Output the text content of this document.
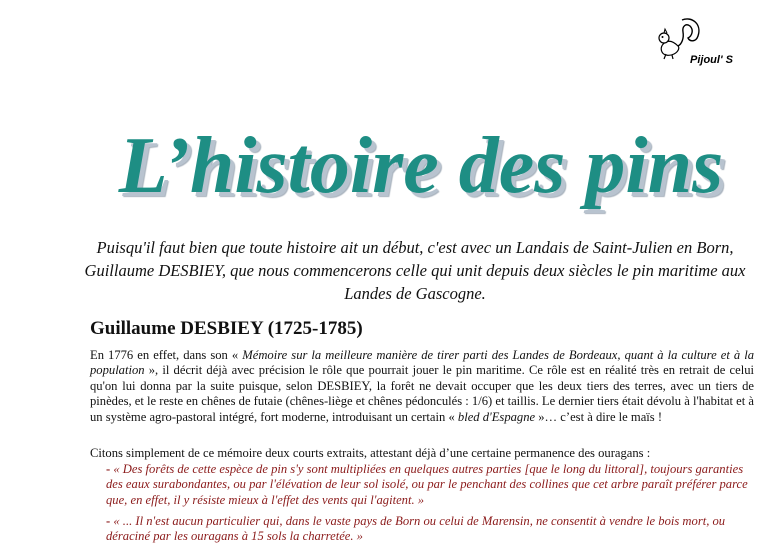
Pijoul' S
L’histoire des pins
Puisqu'il faut bien que toute histoire ait un début, c'est avec un Landais de Saint-Julien en Born, Guillaume DESBIEY, que nous commencerons celle qui unit depuis deux siècles le pin maritime aux Landes de Gascogne.
Guillaume DESBIEY (1725-1785)
En 1776 en effet, dans son « Mémoire sur la meilleure manière de tirer parti des Landes de Bordeaux, quant à la culture et à la population », il décrit déjà avec précision le rôle que pourrait jouer le pin maritime. Ce rôle est en réalité très en retrait de celui qu'on lui donna par la suite puisque, selon DESBIEY, la forêt ne devait occuper que les deux tiers des terres, avec un tiers de pinèdes, et le reste en chênes de futaie (chênes-liège et chênes pédonculés : 1/6) et taillis. Le dernier tiers était dévolu à l'habitat et à un système agro-pastoral intégré, fort moderne, introduisant un certain « bled d'Espagne »… c’est à dire le maïs !
Citons simplement de ce mémoire deux courts extraits, attestant déjà d’une certaine permanence des ouragans :
- « Des forêts de cette espèce de pin s'y sont multipliées en quelques autres parties [que le long du littoral], toujours garanties des eaux surabondantes, ou par l'élévation de leur sol isolé, ou par le penchant des collines que cet arbre paraît préférer parce que, en effet, il y résiste mieux à l'effet des vents qui l'agitent. »
- « ... Il n'est aucun particulier qui, dans le vaste pays de Born ou celui de Marensin, ne consentit à vendre le bois mort, ou déraciné par les ouragans à 15 sols la charretée. »
